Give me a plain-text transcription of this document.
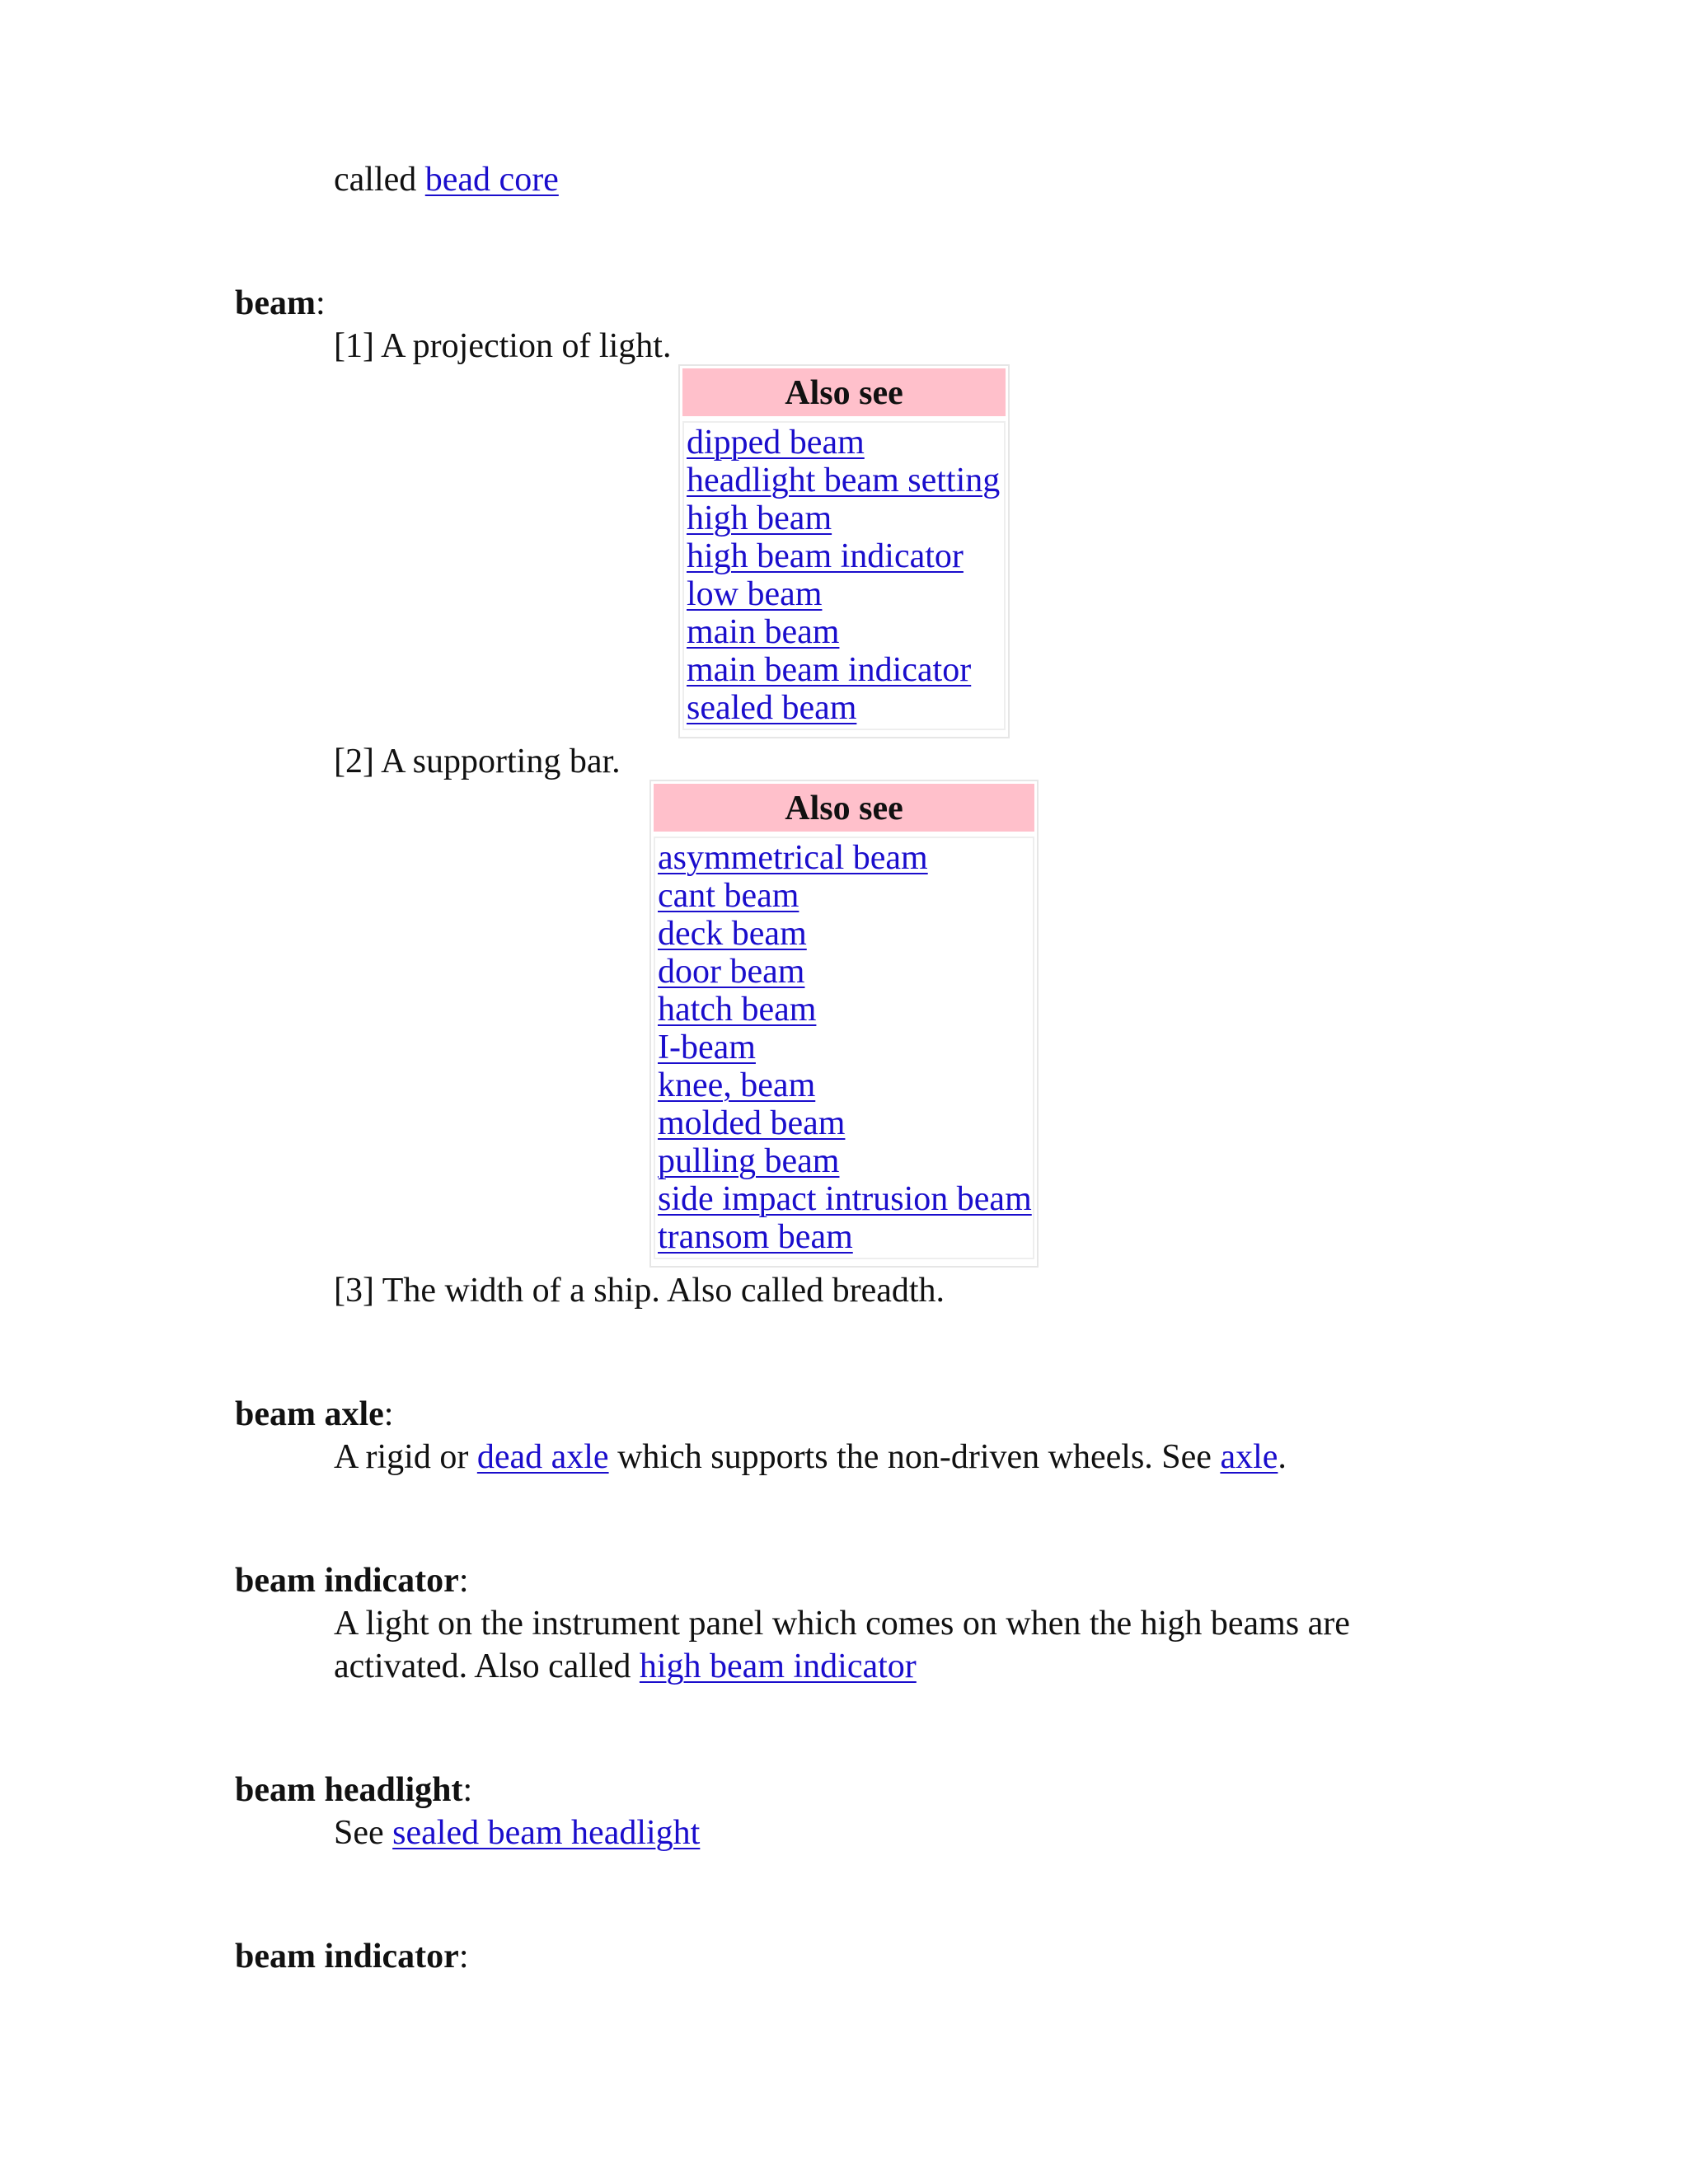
called bead core
beam:
[1] A projection of light.
Also see
dipped beam
headlight beam setting
high beam
high beam indicator
low beam
main beam
main beam indicator
sealed beam
[2] A supporting bar.
Also see
asymmetrical beam
cant beam
deck beam
door beam
hatch beam
I-beam
knee, beam
molded beam
pulling beam
side impact intrusion beam
transom beam
[3] The width of a ship. Also called breadth.
beam axle:
A rigid or dead axle which supports the non-driven wheels. See axle.
beam indicator:
A light on the instrument panel which comes on when the high beams are
activated. Also called high beam indicator
beam headlight:
See sealed beam headlight
beam indicator:
